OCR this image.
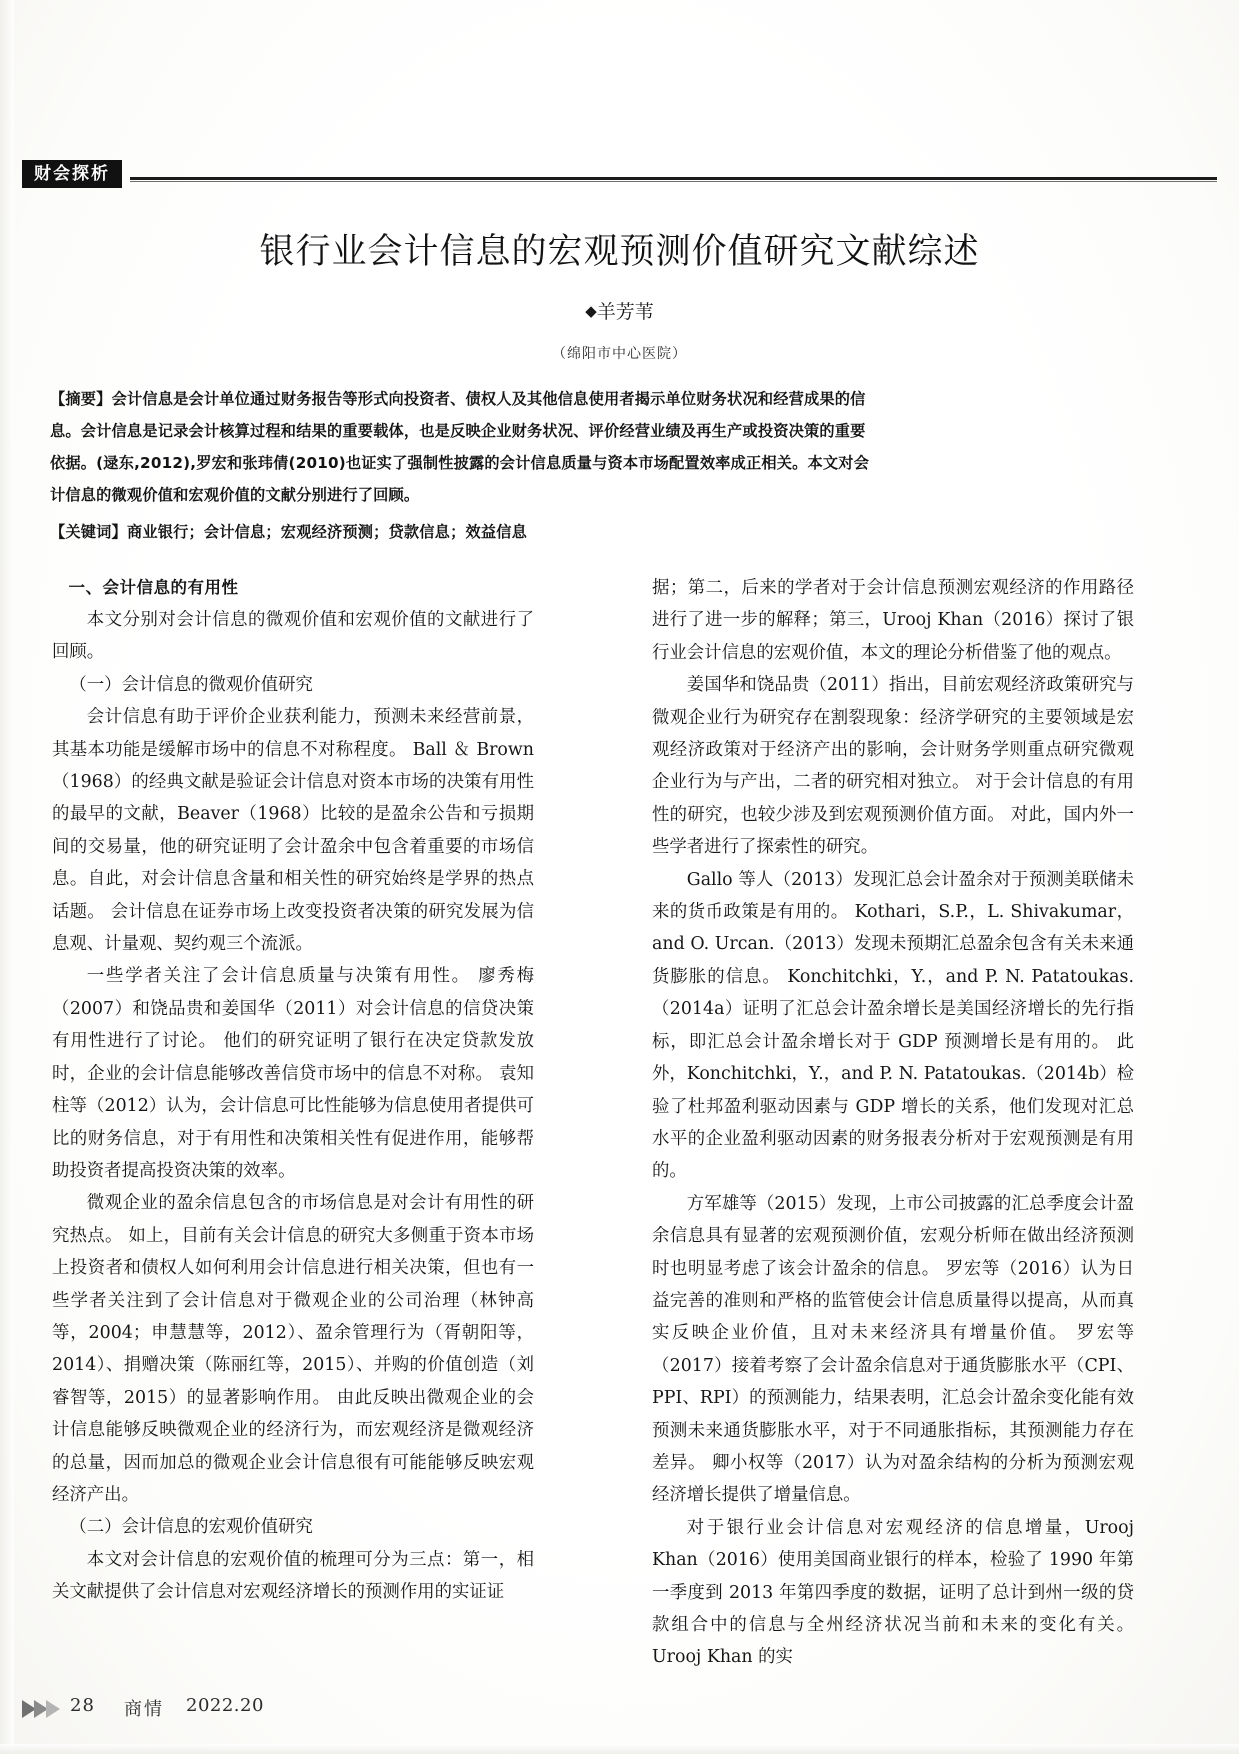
财会探析
银行业会计信息的宏观预测价值研究文献综述
◆羊芳苇
（绵阳市中心医院）
【摘要】会计信息是会计单位通过财务报告等形式向投资者、债权人及其他信息使用者揭示单位财务状况和经营成果的信
息。会计信息是记录会计核算过程和结果的重要载体，也是反映企业财务状况、评价经营业绩及再生产或投资决策的重要
依据。(逯东,2012),罗宏和张玮倩(2010)也证实了强制性披露的会计信息质量与资本市场配置效率成正相关。本文对会
计信息的微观价值和宏观价值的文献分别进行了回顾。
【关键词】商业银行；会计信息；宏观经济预测；贷款信息；效益信息
一、会计信息的有用性

本文分别对会计信息的微观价值和宏观价值的文献进行了回顾。

（一）会计信息的微观价值研究

会计信息有助于评价企业获利能力，预测未来经营前景，其基本功能是缓解市场中的信息不对称程度。 Ball ＆ Brown（1968）的经典文献是验证会计信息对资本市场的决策有用性的最早的文献，Beaver（1968）比较的是盈余公告和亏损期间的交易量，他的研究证明了会计盈余中包含着重要的市场信息。自此，对会计信息含量和相关性的研究始终是学界的热点话题。 会计信息在证券市场上改变投资者决策的研究发展为信息观、计量观、契约观三个流派。

一些学者关注了会计信息质量与决策有用性。 廖秀梅（2007）和饶品贵和姜国华（2011）对会计信息的信贷决策有用性进行了讨论。 他们的研究证明了银行在决定贷款发放时，企业的会计信息能够改善信贷市场中的信息不对称。 袁知柱等（2012）认为，会计信息可比性能够为信息使用者提供可比的财务信息，对于有用性和决策相关性有促进作用，能够帮助投资者提高投资决策的效率。

微观企业的盈余信息包含的市场信息是对会计有用性的研究热点。 如上，目前有关会计信息的研究大多侧重于资本市场上投资者和债权人如何利用会计信息进行相关决策，但也有一些学者关注到了会计信息对于微观企业的公司治理（林钟高等，2004；申慧慧等，2012）、盈余管理行为（胥朝阳等，2014）、捐赠决策（陈丽红等，2015）、并购的价值创造（刘睿智等，2015）的显著影响作用。 由此反映出微观企业的会计信息能够反映微观企业的经济行为，而宏观经济是微观经济的总量，因而加总的微观企业会计信息很有可能能够反映宏观经济产出。

（二）会计信息的宏观价值研究

本文对会计信息的宏观价值的梳理可分为三点：第一，相关文献提供了会计信息对宏观经济增长的预测作用的实证证

据；第二，后来的学者对于会计信息预测宏观经济的作用路径进行了进一步的解释；第三，Urooj Khan（2016）探讨了银行业会计信息的宏观价值，本文的理论分析借鉴了他的观点。

姜国华和饶品贵（2011）指出，目前宏观经济政策研究与微观企业行为研究存在割裂现象：经济学研究的主要领域是宏观经济政策对于经济产出的影响，会计财务学则重点研究微观企业行为与产出，二者的研究相对独立。 对于会计信息的有用性的研究，也较少涉及到宏观预测价值方面。 对此，国内外一些学者进行了探索性的研究。

Gallo 等人（2013）发现汇总会计盈余对于预测美联储未来的货币政策是有用的。 Kothari，S.P.，L. Shivakumar，and O. Urcan.（2013）发现未预期汇总盈余包含有关未来通货膨胀的信息。 Konchitchki，Y.，and P. N. Patatoukas.（2014a）证明了汇总会计盈余增长是美国经济增长的先行指标，即汇总会计盈余增长对于 GDP 预测增长是有用的。 此外，Konchitchki，Y.，and P. N. Patatoukas.（2014b）检验了杜邦盈利驱动因素与 GDP 增长的关系，他们发现对汇总水平的企业盈利驱动因素的财务报表分析对于宏观预测是有用的。

方军雄等（2015）发现，上市公司披露的汇总季度会计盈余信息具有显著的宏观预测价值，宏观分析师在做出经济预测时也明显考虑了该会计盈余的信息。 罗宏等（2016）认为日益完善的准则和严格的监管使会计信息质量得以提高，从而真实反映企业价值，且对未来经济具有增量价值。 罗宏等（2017）接着考察了会计盈余信息对于通货膨胀水平（CPI、PPI、RPI）的预测能力，结果表明，汇总会计盈余变化能有效预测未来通货膨胀水平，对于不同通胀指标，其预测能力存在差异。 卿小权等（2017）认为对盈余结构的分析为预测宏观经济增长提供了增量信息。

对于银行业会计信息对宏观经济的信息增量，Urooj Khan（2016）使用美国商业银行的样本，检验了 1990 年第一季度到 2013 年第四季度的数据，证明了总计到州一级的贷款组合中的信息与全州经济状况当前和未来的变化有关。 Urooj Khan 的实

28 商情 2022.20
